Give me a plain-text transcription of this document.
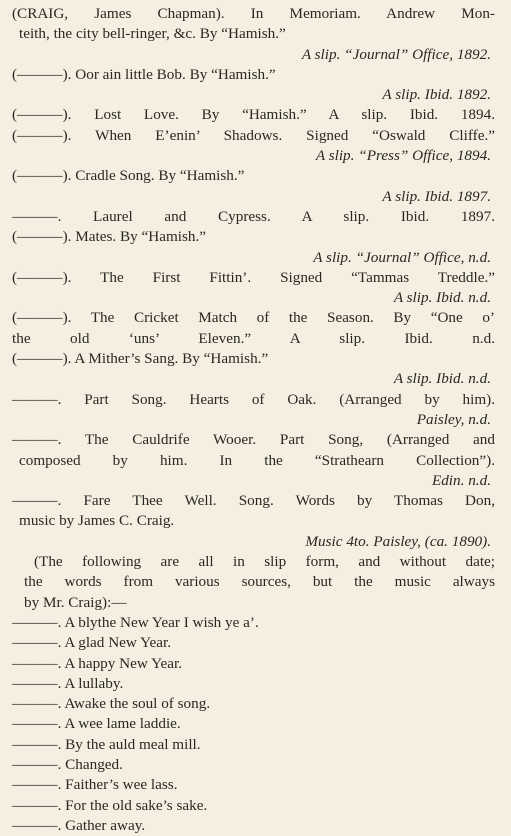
(CRAIG, James Chapman). In Memoriam. Andrew Mon-
teith, the city bell-ringer, &c. By “Hamish.”
A slip. “Journal” Office, 1892.
(———). Oor ain little Bob. By “Hamish.”
A slip. Ibid. 1892.
(———). Lost Love. By “Hamish.” A slip. Ibid. 1894.
(———). When E’enin’ Shadows. Signed “Oswald Cliffe.”
A slip. “Press” Office, 1894.
(———). Cradle Song. By “Hamish.”
A slip. Ibid. 1897.
———. Laurel and Cypress. A slip. Ibid. 1897.
(———). Mates. By “Hamish.”
A slip. “Journal” Office, n.d.
(———). The First Fittin’. Signed “Tammas Treddle.”
A slip. Ibid. n.d.
(———). The Cricket Match of the Season. By “One o’
the old ‘uns’ Eleven.” A slip. Ibid. n.d.
(———). A Mither’s Sang. By “Hamish.”
A slip. Ibid. n.d.
———. Part Song. Hearts of Oak. (Arranged by him).
Paisley, n.d.
———. The Cauldrife Wooer. Part Song, (Arranged and
composed by him. In the “Strathearn Collection”).
Edin. n.d.
———. Fare Thee Well. Song. Words by Thomas Don,
music by James C. Craig.
Music 4to. Paisley, (ca. 1890).
(The following are all in slip form, and without date;
the words from various sources, but the music always
by Mr. Craig):—
———. A blythe New Year I wish ye a’.
———. A glad New Year.
———. A happy New Year.
———. A lullaby.
———. Awake the soul of song.
———. A wee lame laddie.
———. By the auld meal mill.
———. Changed.
———. Faither’s wee lass.
———. For the old sake’s sake.
———. Gather away.
